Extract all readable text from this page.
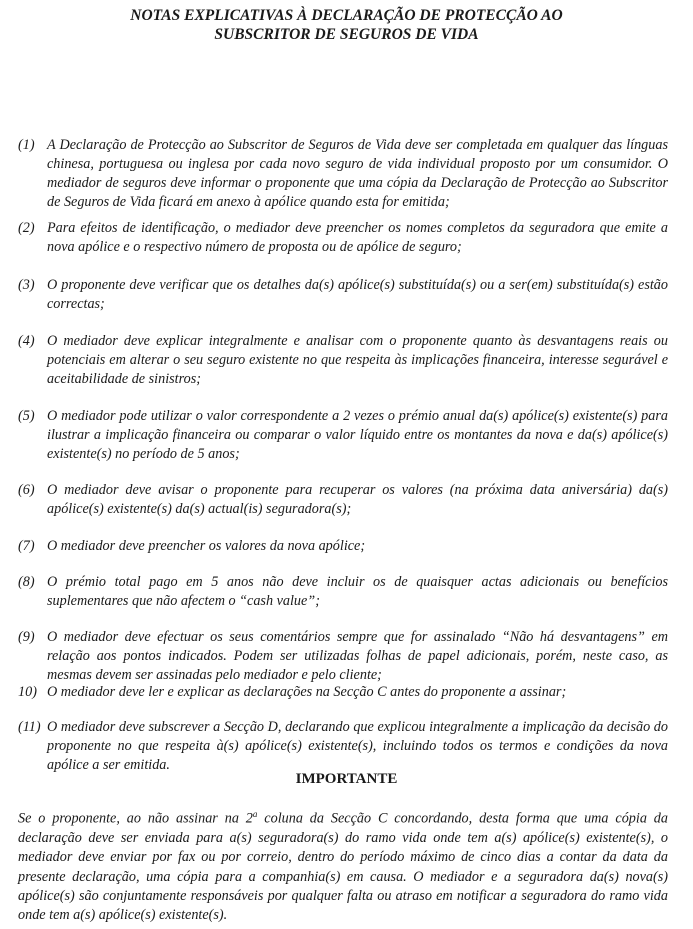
NOTAS EXPLICATIVAS À DECLARAÇÃO DE PROTECÇÃO AO
SUBSCRITOR DE SEGUROS DE VIDA
(1) A Declaração de Protecção ao Subscritor de Seguros de Vida deve ser completada em qualquer das línguas chinesa, portuguesa ou inglesa por cada novo seguro de vida individual proposto por um consumidor. O mediador de seguros deve informar o proponente que uma cópia da Declaração de Protecção ao Subscritor de Seguros de Vida ficará em anexo à apólice quando esta for emitida;
(2) Para efeitos de identificação, o mediador deve preencher os nomes completos da seguradora que emite a nova apólice e o respectivo número de proposta ou de apólice de seguro;
(3) O proponente deve verificar que os detalhes da(s) apólice(s) substituída(s) ou a ser(em) substituída(s) estão correctas;
(4) O mediador deve explicar integralmente e analisar com o proponente quanto às desvantagens reais ou potenciais em alterar o seu seguro existente no que respeita às implicações financeira, interesse segurável e aceitabilidade de sinistros;
(5) O mediador pode utilizar o valor correspondente a 2 vezes o prémio anual da(s) apólice(s) existente(s) para ilustrar a implicação financeira ou comparar o valor líquido entre os montantes da nova e da(s) apólice(s) existente(s) no período de 5 anos;
(6) O mediador deve avisar o proponente para recuperar os valores (na próxima data aniversária) da(s) apólice(s) existente(s) da(s) actual(is) seguradora(s);
(7) O mediador deve preencher os valores da nova apólice;
(8) O prémio total pago em 5 anos não deve incluir os de quaisquer actas adicionais ou benefícios suplementares que não afectem o “cash value”;
(9) O mediador deve efectuar os seus comentários sempre que for assinalado “Não há desvantagens” em relação aos pontos indicados. Podem ser utilizadas folhas de papel adicionais, porém, neste caso, as mesmas devem ser assinadas pelo mediador e pelo cliente;
10) O mediador deve ler e explicar as declarações na Secção C antes do proponente a assinar;
(11) O mediador deve subscrever a Secção D, declarando que explicou integralmente a implicação da decisão do proponente no que respeita à(s) apólice(s) existente(s), incluindo todos os termos e condições da nova apólice a ser emitida.
IMPORTANTE
Se o proponente, ao não assinar na 2$^a$ coluna da Secção C concordando, desta forma que uma cópia da declaração deve ser enviada para a(s) seguradora(s) do ramo vida onde tem a(s) apólice(s) existente(s), o mediador deve enviar por fax ou por correio, dentro do período máximo de cinco dias a contar da data da presente declaração, uma cópia para a companhia(s) em causa. O mediador e a seguradora da(s) nova(s) apólice(s) são conjuntamente responsáveis por qualquer falta ou atraso em notificar a seguradora do ramo vida onde tem a(s) apólice(s) existente(s).
